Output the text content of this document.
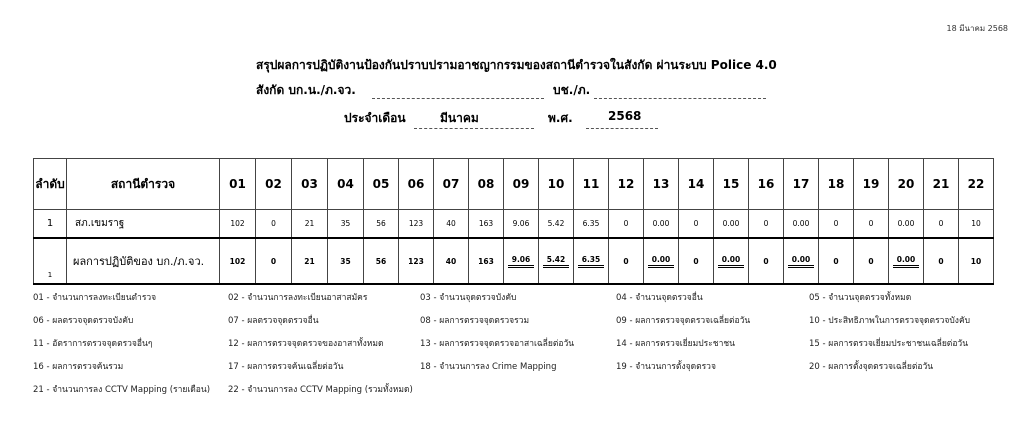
18 มีนาคม 2568
สรุปผลการปฏิบัติงานป้องกันปราบปรามอาชญากรรมของสถานีตำรวจในสังกัด ผ่านระบบ Police 4.0
สังกัด บก.น./ภ.จว.	บช./ภ.
ประจำเดือน	มีนาคม	พ.ศ.	2568
ลำดับ	สถานีตำรวจ	01	02	03	04	05	06	07	08	09	10	11	12	13	14	15	16	17	18	19	20	21	22
1	สภ.เขมราฐ	102	0	21	35	56	123	40	163	9.06	5.42	6.35	0	0.00	0	0.00	0	0.00	0	0	0.00	0	10
1	ผลการปฏิบัติของ บก./ภ.จว.	102	0	21	35	56	123	40	163	9.06	5.42	6.35	0	0.00	0	0.00	0	0.00	0	0	0.00	0	10
01 - จำนวนการลงทะเบียนตำรวจ	02 - จำนวนการลงทะเบียนอาสาสมัคร	03 - จำนวนจุดตรวจบังคับ	04 - จำนวนจุดตรวจอื่น	05 - จำนวนจุดตรวจทั้งหมด
06 - ผลตรวจจุดตรวจบังคับ	07 - ผลตรวจจุดตรวจอื่น	08 - ผลการตรวจจุดตรวจรวม	09 - ผลการตรวจจุดตรวจเฉลี่ยต่อวัน	10 - ประสิทธิภาพในการตรวจจุดตรวจบังคับ
11 - อัตราการตรวจจุดตรวจอื่นๆ	12 - ผลการตรวจจุดตรวจของอาสาทั้งหมด	13 - ผลการตรวจจุดตรวจอาสาเฉลี่ยต่อวัน	14 - ผลการตรวจเยี่ยมประชาชน	15 - ผลการตรวจเยี่ยมประชาชนเฉลี่ยต่อวัน
16 - ผลการตรวจค้นรวม	17 - ผลการตรวจค้นเฉลี่ยต่อวัน	18 - จำนวนการลง Crime Mapping	19 - จำนวนการตั้งจุดตรวจ	20 - ผลการตั้งจุดตรวจเฉลี่ยต่อวัน
21 - จำนวนการลง CCTV Mapping (รายเดือน)	22 - จำนวนการลง CCTV Mapping (รวมทั้งหมด)
